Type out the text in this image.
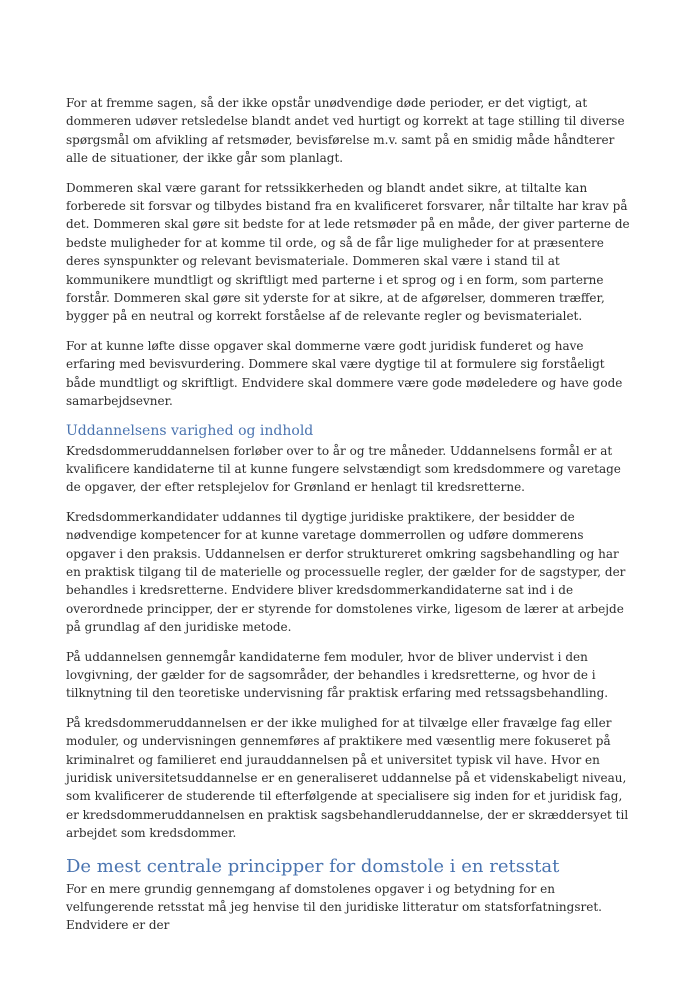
For at fremme sagen, så der ikke opstår unødvendige døde perioder, er det vigtigt, at dommeren udøver retsledelse blandt andet ved hurtigt og korrekt at tage stilling til diverse spørgsmål om afvikling af retsmøder, bevisførelse m.v. samt på en smidig måde håndterer alle de situationer, der ikke går som planlagt.

Dommeren skal være garant for retssikkerheden og blandt andet sikre, at tiltalte kan forberede sit forsvar og tilbydes bistand fra en kvalificeret forsvarer, når tiltalte har krav på det. Dommeren skal gøre sit bedste for at lede retsmøder på en måde, der giver parterne de bedste muligheder for at komme til orde, og så de får lige muligheder for at præsentere deres synspunkter og relevant bevismateriale. Dommeren skal være i stand til at kommunikere mundtligt og skriftligt med parterne i et sprog og i en form, som parterne forstår. Dommeren skal gøre sit yderste for at sikre, at de afgørelser, dommeren træffer, bygger på en neutral og korrekt forståelse af de relevante regler og bevismaterialet.

For at kunne løfte disse opgaver skal dommerne være godt juridisk funderet og have erfaring med bevisvurdering. Dommere skal være dygtige til at formulere sig forståeligt både mundtligt og skriftligt. Endvidere skal dommere være gode mødeledere og have gode samarbejdsevner.

Uddannelsens varighed og indhold

Kredsdommeruddannelsen forløber over to år og tre måneder. Uddannelsens formål er at kvalificere kandidaterne til at kunne fungere selvstændigt som kredsdommere og varetage de opgaver, der efter retsplejelov for Grønland er henlagt til kredsretterne.

Kredsdommerkandidater uddannes til dygtige juridiske praktikere, der besidder de nødvendige kompetencer for at kunne varetage dommerrollen og udføre dommerens opgaver i den praksis. Uddannelsen er derfor struktureret omkring sagsbehandling og har en praktisk tilgang til de materielle og processuelle regler, der gælder for de sagstyper, der behandles i kredsretterne. Endvidere bliver kredsdommerkandidaterne sat ind i de overordnede principper, der er styrende for domstolenes virke, ligesom de lærer at arbejde på grundlag af den juridiske metode.

På uddannelsen gennemgår kandidaterne fem moduler, hvor de bliver undervist i den lovgivning, der gælder for de sagsområder, der behandles i kredsretterne, og hvor de i tilknytning til den teoretiske undervisning får praktisk erfaring med retssagsbehandling.

På kredsdommeruddannelsen er der ikke mulighed for at tilvælge eller fravælge fag eller moduler, og undervisningen gennemføres af praktikere med væsentlig mere fokuseret på kriminalret og familieret end jurauddannelsen på et universitet typisk vil have. Hvor en juridisk universitetsuddannelse er en generaliseret uddannelse på et videnskabeligt niveau, som kvalificerer de studerende til efterfølgende at specialisere sig inden for et juridisk fag, er kredsdommeruddannelsen en praktisk sagsbehandleruddannelse, der er skræddersyet til arbejdet som kredsdommer.

De mest centrale principper for domstole i en retsstat

For en mere grundig gennemgang af domstolenes opgaver i og betydning for en velfungerende retsstat må jeg henvise til den juridiske litteratur om statsforfatningsret. Endvidere er der
